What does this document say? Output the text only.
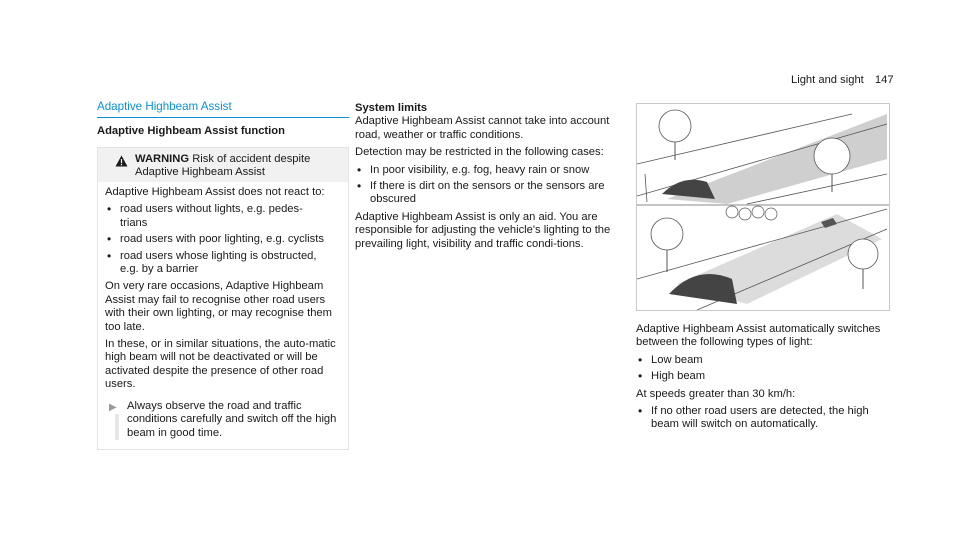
Light and sight 147
Adaptive Highbeam Assist
Adaptive Highbeam Assist function
WARNING Risk of accident despite
Adaptive Highbeam Assist

Adaptive Highbeam Assist does not react to:

• road users without lights, e.g. pedes-
trians
• road users with poor lighting, e.g. cyclists
• road users whose lighting is obstructed,
e.g. by a barrier

On very rare occasions, Adaptive Highbeam Assist may fail to recognise other road users with their own lighting, or may recognise them too late.

In these, or in similar situations, the auto-matic high beam will not be deactivated or will be activated despite the presence of other road users.

▶ Always observe the road and traffic conditions carefully and switch off the high beam in good time.

System limits

Adaptive Highbeam Assist cannot take into account road, weather or traffic conditions.

Detection may be restricted in the following cases:

• In poor visibility, e.g. fog, heavy rain or snow
• If there is dirt on the sensors or the sensors are obscured

Adaptive Highbeam Assist is only an aid. You are responsible for adjusting the vehicle's lighting to the prevailing light, visibility and traffic condi-tions.

Adaptive Highbeam Assist automatically switches between the following types of light:

• Low beam
• High beam

At speeds greater than 30 km/h:

• If no other road users are detected, the high beam will switch on automatically.
